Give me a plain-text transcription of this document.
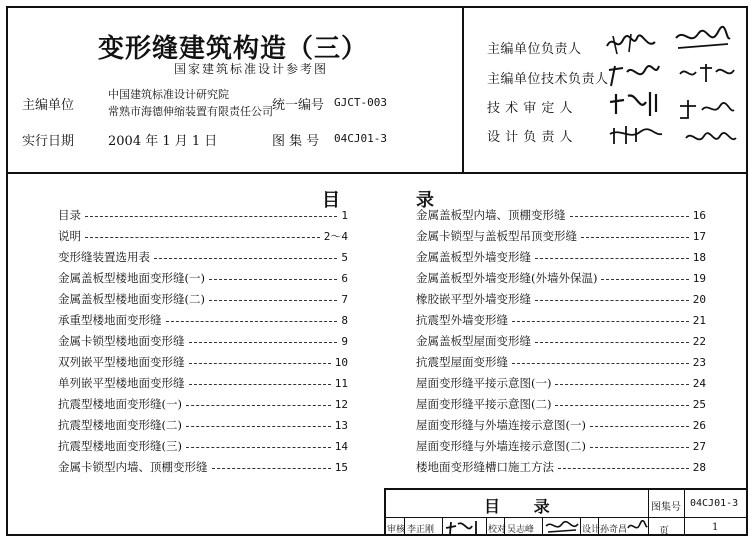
变形缝建筑构造（三）
国家建筑标准设计参考图
主编单位
中国建筑标准设计研究院
常熟市海德伸缩装置有限责任公司 统一编号 GJCT-003
实行日期	2004 年 1 月 1 日	图 集 号 04CJ01-3
主编单位负责人
主编单位技术负责人
技 术 审 定 人
设 计 负 责 人
目	录
目录	1
说明	2～4
变形缝装置选用表	5
金属盖板型楼地面变形缝(一)	6
金属盖板型楼地面变形缝(二)	7
承重型楼地面变形缝	8
金属卡锁型楼地面变形缝	9
双列嵌平型楼地面变形缝	10
单列嵌平型楼地面变形缝	11
抗震型楼地面变形缝(一)	12
抗震型楼地面变形缝(二)	13
抗震型楼地面变形缝(三)	14
金属卡锁型内墙、顶棚变形缝	15
金属盖板型内墙、顶棚变形缝	16
金属卡锁型与盖板型吊顶变形缝	17
金属盖板型外墙变形缝	18
金属盖板型外墙变形缝(外墙外保温)	19
橡胶嵌平型外墙变形缝	20
抗震型外墙变形缝	21
金属盖板型屋面变形缝	22
抗震型屋面变形缝	23
屋面变形缝平接示意图(一)	24
屋面变形缝平接示意图(二)	25
屋面变形缝与外墙连接示意图(一)	26
屋面变形缝与外墙连接示意图(二)	27
楼地面变形缝槽口施工方法	28
目 录	图集号 04CJ01-3
页	1
审核 李正刚	校对 吴志峰	设计 孙奇昌
